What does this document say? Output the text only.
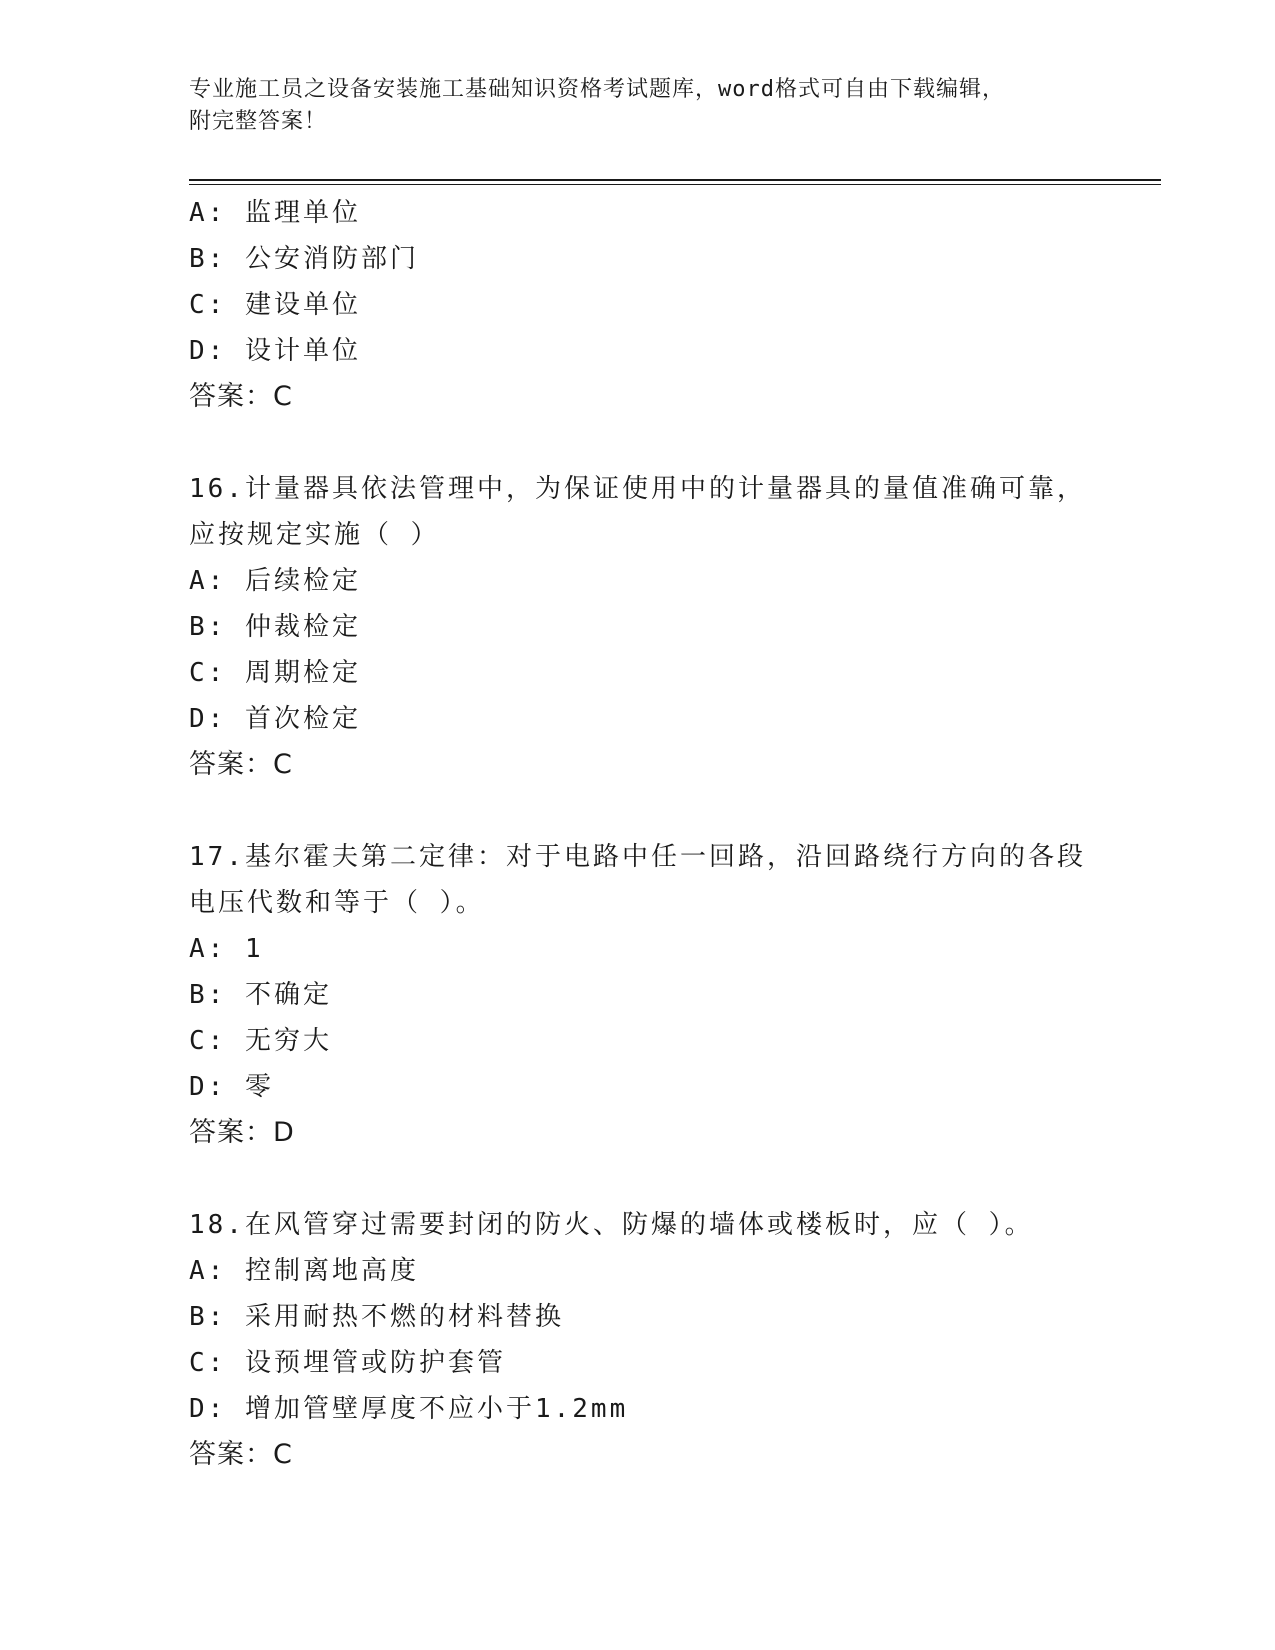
专业施工员之设备安装施工基础知识资格考试题库，word格式可自由下载编辑，
附完整答案！
A: 监理单位
B: 公安消防部门
C: 建设单位
D: 设计单位
答案：C
16.计量器具依法管理中，为保证使用中的计量器具的量值准确可靠，
应按规定实施（ ）
A: 后续检定
B: 仲裁检定
C: 周期检定
D: 首次检定
答案：C
17.基尔霍夫第二定律：对于电路中任一回路，沿回路绕行方向的各段
电压代数和等于（ ）。
A: 1
B: 不确定
C: 无穷大
D: 零
答案：D
18.在风管穿过需要封闭的防火、防爆的墙体或楼板时，应（ ）。
A: 控制离地高度
B: 采用耐热不燃的材料替换
C: 设预埋管或防护套管
D: 增加管壁厚度不应小于1.2mm
答案：C
